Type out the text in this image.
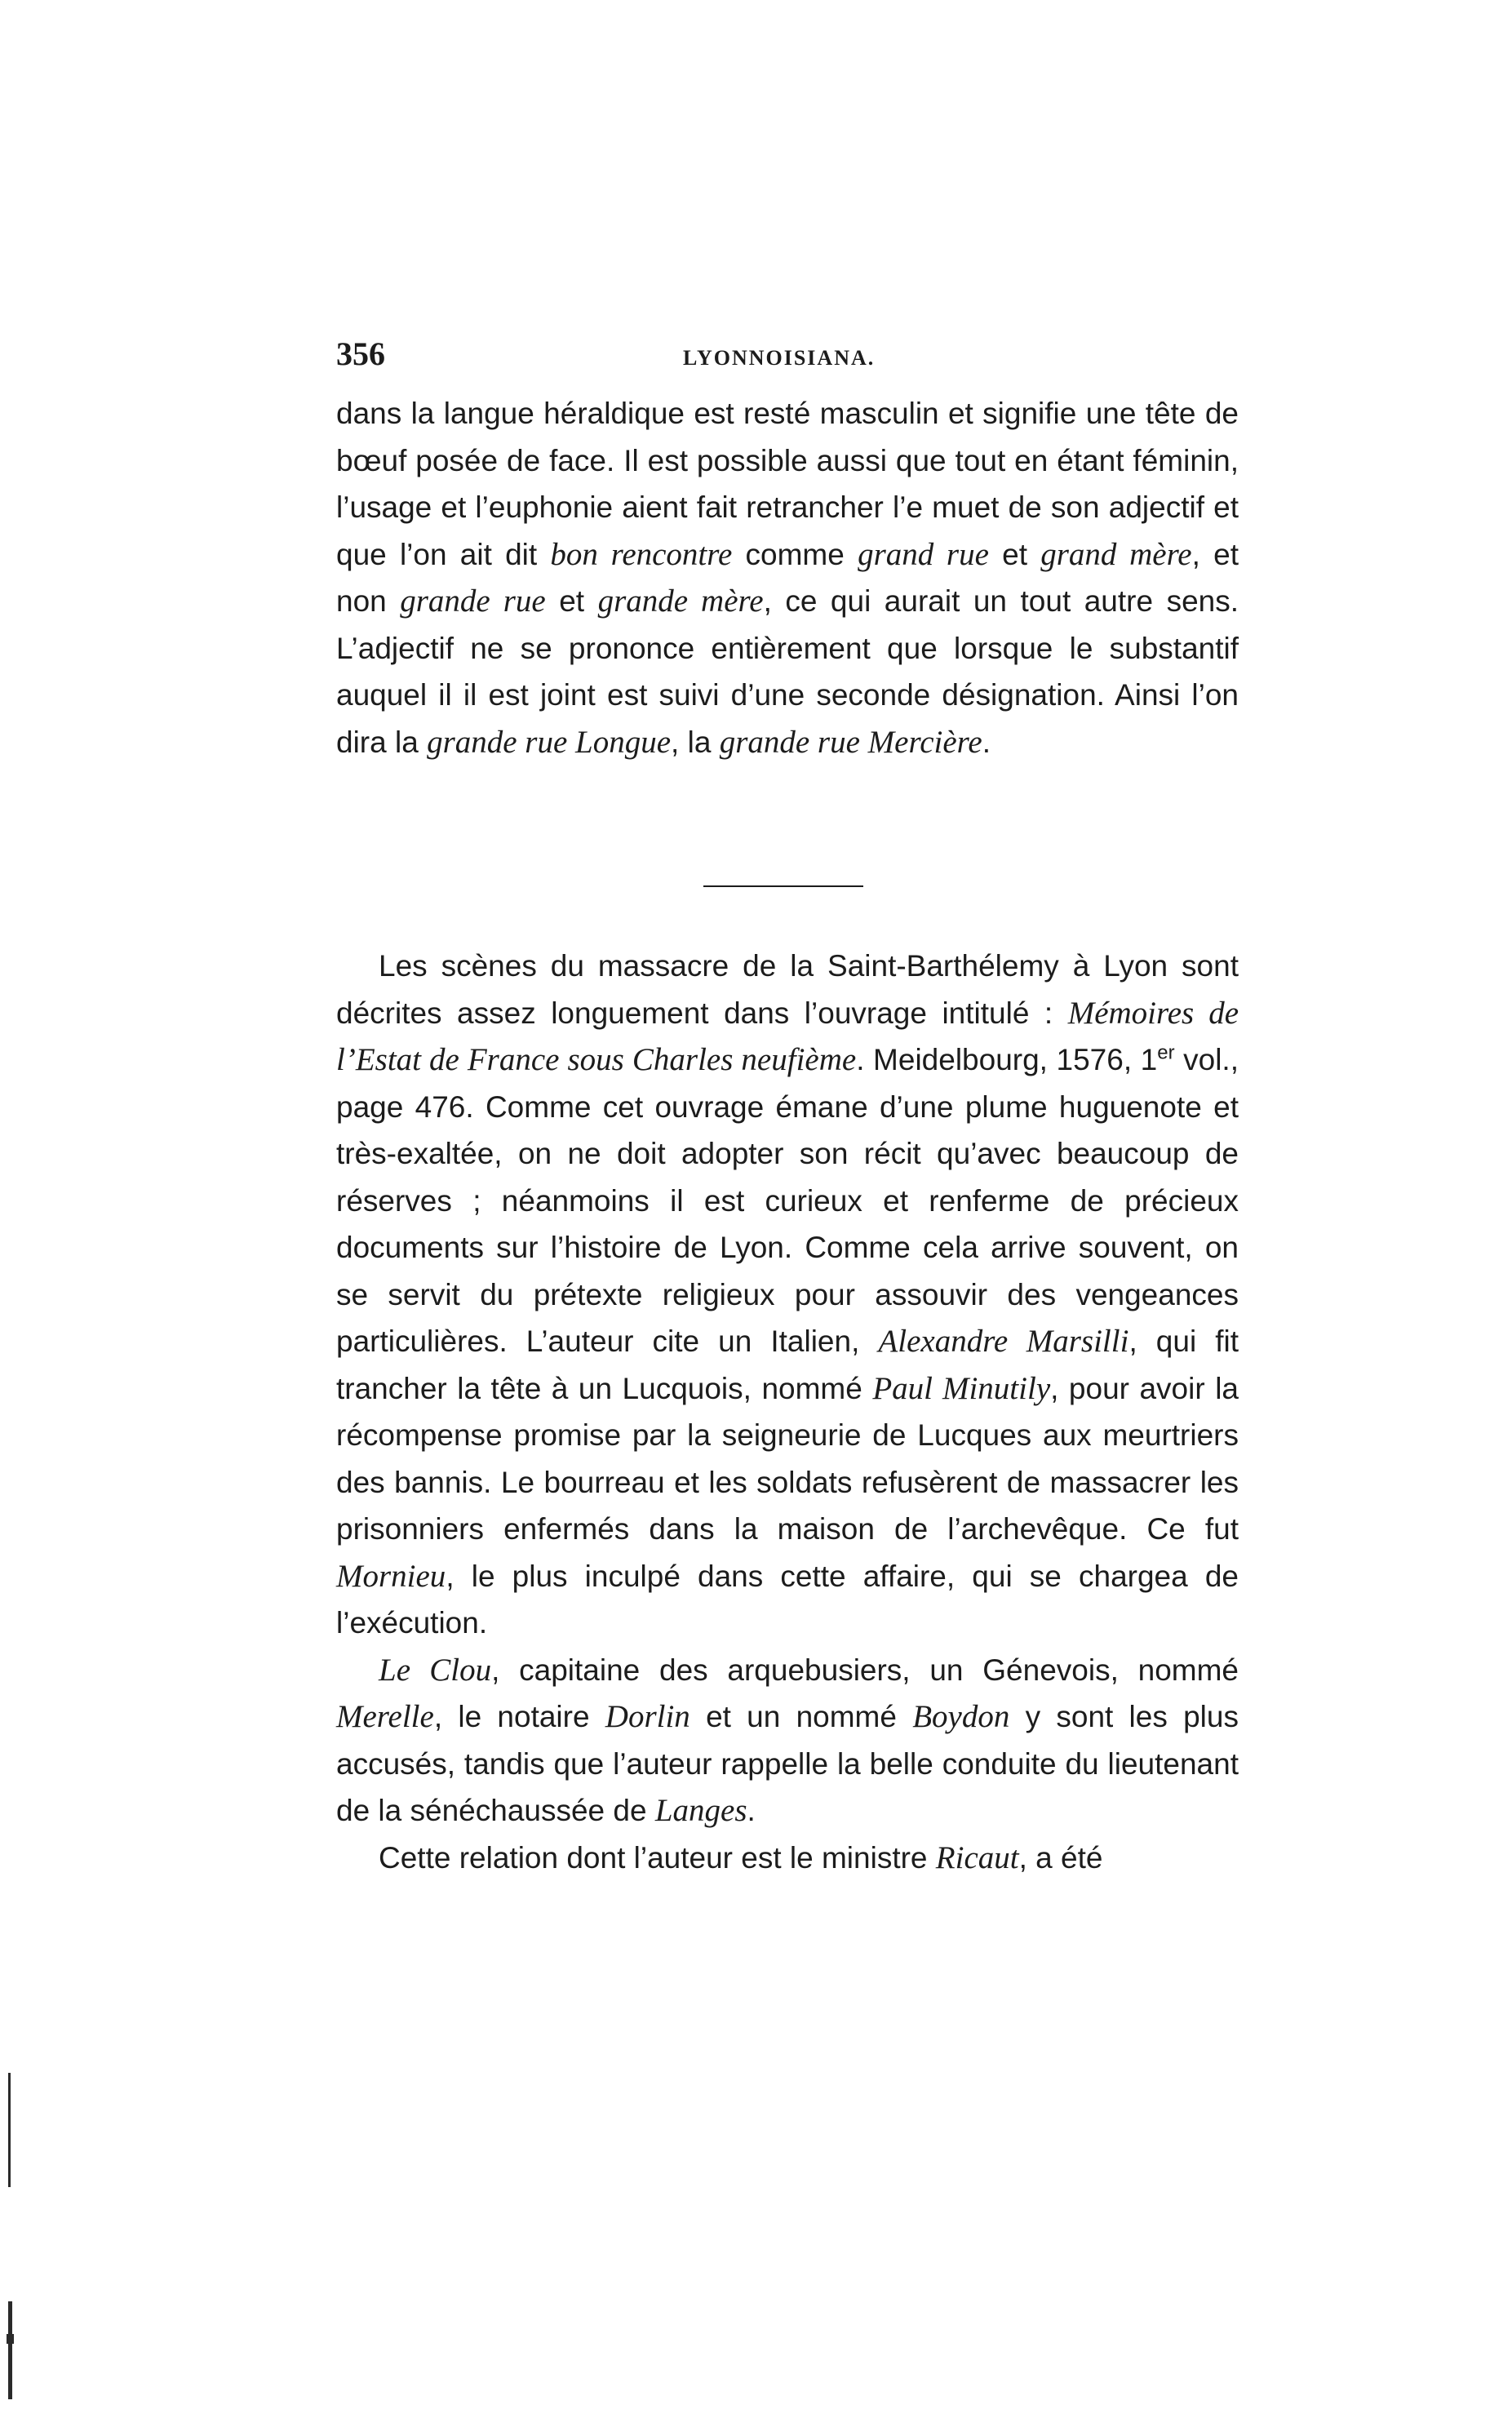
356	LYONNOISIANA.

dans la langue héraldique est resté masculin et signifie une tête de bœuf posée de face. Il est possible aussi que tout en étant féminin, l’usage et l’euphonie aient fait retrancher l’e muet de son adjectif et que l’on ait dit bon rencontre comme grand rue et grand mère, et non grande rue et grande mère, ce qui aurait un tout autre sens. L’adjectif ne se prononce entièrement que lorsque le substantif auquel il il est joint est suivi d’une seconde désignation. Ainsi l’on dira la grande rue Longue, la grande rue Mercière.

Les scènes du massacre de la Saint-Barthélemy à Lyon sont décrites assez longuement dans l’ouvrage intitulé : Mémoires de l’Estat de France sous Charles neufième. Meidelbourg, 1576, 1er vol., page 476. Comme cet ouvrage émane d’une plume huguenote et très-exaltée, on ne doit adopter son récit qu’avec beaucoup de réserves ; néanmoins il est curieux et renferme de précieux documents sur l’histoire de Lyon. Comme cela arrive souvent, on se servit du prétexte religieux pour assouvir des vengeances particulières. L’auteur cite un Italien, Alexandre Marsilli, qui fit trancher la tête à un Lucquois, nommé Paul Minutily, pour avoir la récompense promise par la seigneurie de Lucques aux meurtriers des bannis. Le bourreau et les soldats refusèrent de massacrer les prisonniers enfermés dans la maison de l’archevêque. Ce fut Mornieu, le plus inculpé dans cette affaire, qui se chargea de l’exécution.

Le Clou, capitaine des arquebusiers, un Génevois, nommé Merelle, le notaire Dorlin et un nommé Boydon y sont les plus accusés, tandis que l’auteur rappelle la belle conduite du lieutenant de la sénéchaussée de Langes.

Cette relation dont l’auteur est le ministre Ricaut, a été
